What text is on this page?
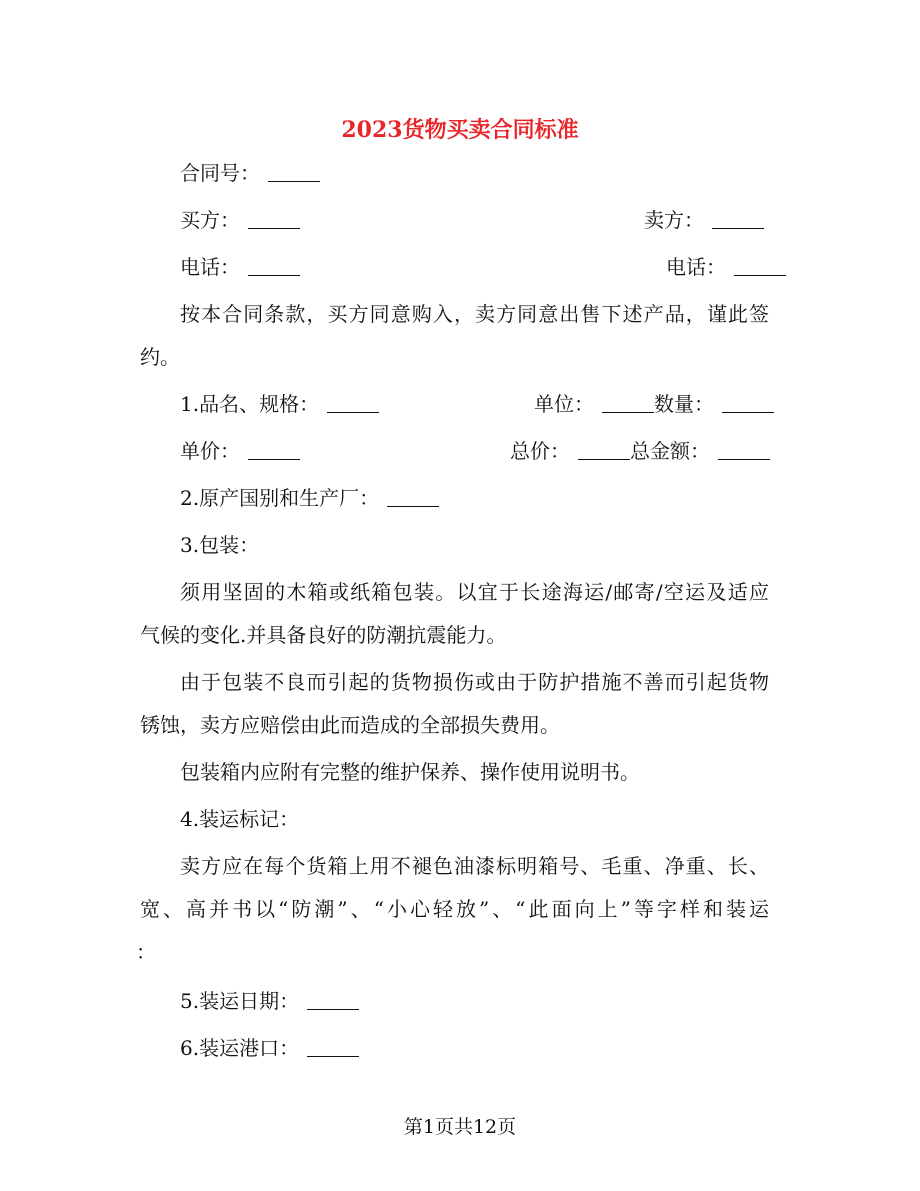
2023货物买卖合同标准
合同号：
买方：	卖方：
电话：	电话：
按本合同条款，买方同意购入，卖方同意出售下述产品，谨此签
约。
1.品名、规格：	单位：	数量：
单价：	总价：	总金额：
2.原产国别和生产厂：
3.包装：
须用坚固的木箱或纸箱包装。以宜于长途海运/邮寄/空运及适应
气候的变化.并具备良好的防潮抗震能力。
由于包装不良而引起的货物损伤或由于防护措施不善而引起货物
锈蚀，卖方应赔偿由此而造成的全部损失费用。
包装箱内应附有完整的维护保养、操作使用说明书。
4.装运标记：
卖方应在每个货箱上用不褪色油漆标明箱号、毛重、净重、长、
宽、高并书以“防潮”、“小心轻放”、“此面向上”等字样和装运
：
5.装运日期：
6.装运港口：
第1页共12页
